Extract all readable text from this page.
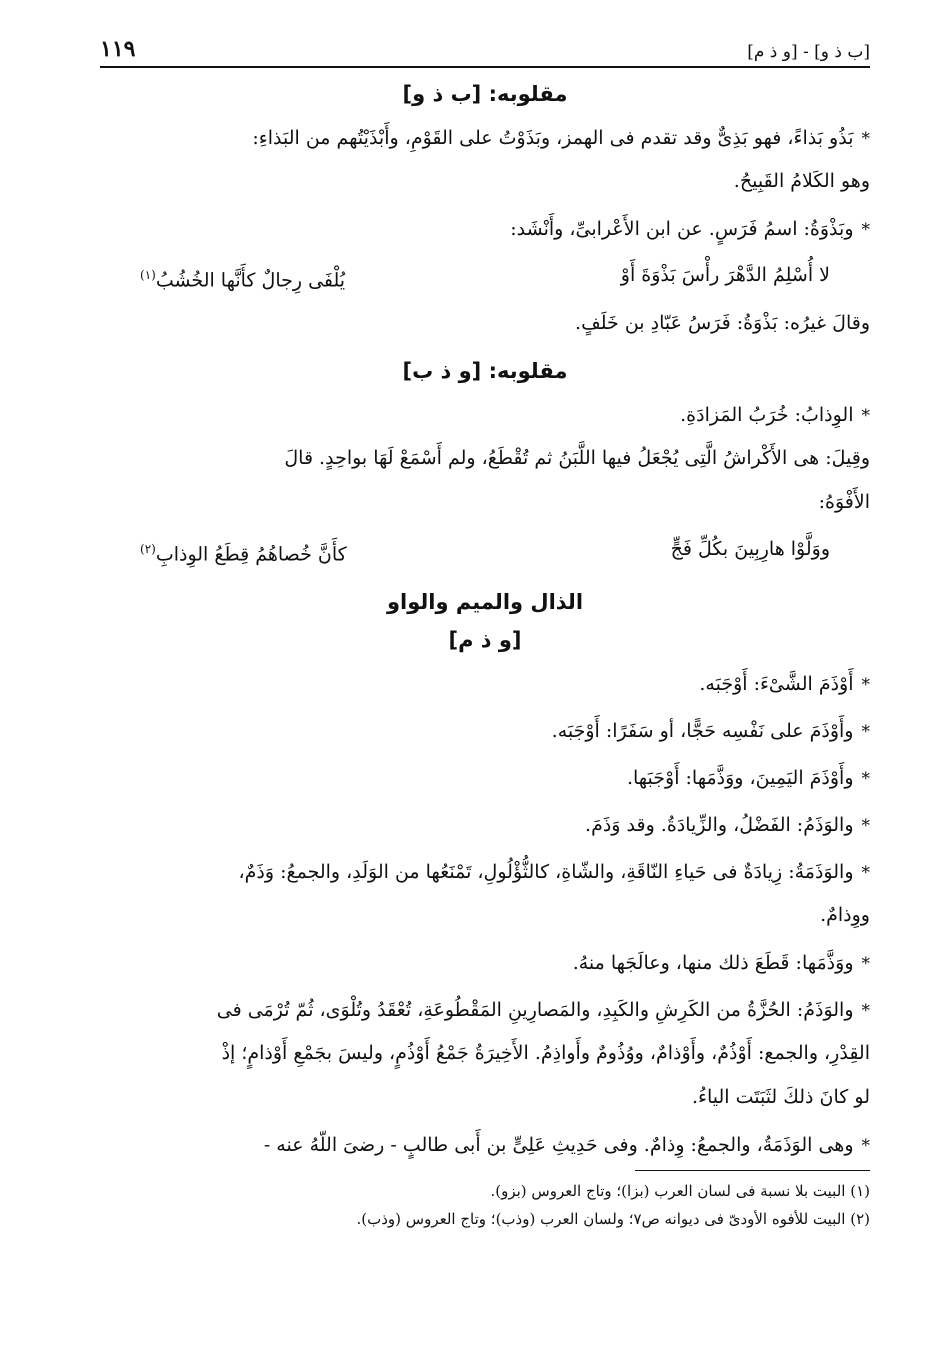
١١٩	[ب ذ و] - [و ذ م]
مقلوبه: [ب ذ و]

*بَذُو بَذاءً، فهو بَذِىٌّ وقد تقدم فى الهمز، وبَذَوْتُ على القَوْمِ، وأَبْذَيْتُهم من البَذاءِ:

وهو الكَلامُ القَبِيحُ.

*وبَذْوَةُ: اسمُ فَرَسٍ. عن ابن الأَعْرابىِّ، وأَنْشَد:

لا أُسْلِمُ الدَّهْرَ رأْسَ بَذْوَةَ أَوْ
يُلْفَى رِجالٌ كأَنَّها الخُشُبُ$^{(١)}$

وقالَ غيرُه: بَذْوَةُ: فَرَسُ عَبّادِ بن خَلَفٍ.

مقلوبه: [و ذ ب]

*الوِذابُ: خُرَبُ المَزادَةِ.

وقِيلَ: هى الأَكْراشُ الَّتِى يُجْعَلُ فيها اللَّبَنُ ثم تُقْطَعُ، ولم أَسْمَعْ لَهَا بواحِدٍ. قالَ

الأَفْوَهُ:

ووَلَّوْا هارِبِينَ بكُلِّ فَجٍّ
كأَنَّ خُصاهُمُ قِطَعُ الوِذابِ$^{(٢)}$
الذال والميم والواو
[و ذ م]

*أَوْذَمَ الشَّىْءَ: أَوْجَبَه.

*وأَوْذَمَ على نَفْسِه حَجًّا، أو سَفَرًا: أَوْجَبَه.

*وأَوْذَمَ اليَمِينَ، ووَذَّمَها: أَوْجَبَها.

*والوَذَمُ: الفَضْلُ، والزِّيادَةُ. وقد وَذَمَ.

*والوَذَمَةُ: زِيادَةٌ فى حَياءِ النّاقَةِ، والشّاةِ، كالثُّؤْلُولِ، تَمْنَعُها من الوَلَدِ، والجمعُ: وَذَمٌ،

ووِذامٌ.

*ووَذَّمَها: قَطَعَ ذلك منها، وعالَجَها منهُ.

*والوَذَمُ: الحُزَّةُ من الكَرِشِ والكَبِدِ، والمَصارِينِ المَقْطُوعَةِ، تُعْقَدُ وتُلْوَى، ثُمّ تُرْمَى فى

القِدْرِ، والجمع: أَوْذُمٌ، وأَوْذامٌ، ووُذُومٌ وأَواذِمُ. الأَخِيرَةُ جَمْعُ أَوْذُمٍ، وليسَ بجَمْعِ أَوْذامٍ؛ إذْ

لو كانَ ذلكَ لثَبَتَت الياءُ.

*وهى الوَذَمَةُ، والجمعُ: وِذامٌ. وفى حَدِيثِ عَلِىٍّ بن أَبى طالبٍ - رضىَ اللّهُ عنه -

(١) البيت بلا نسبة فى لسان العرب (بزا)؛ وتاج العروس (بزو).

(٢) البيت للأفوه الأودىّ فى ديوانه ص٧؛ ولسان العرب (وذب)؛ وتاج العروس (وذب).
